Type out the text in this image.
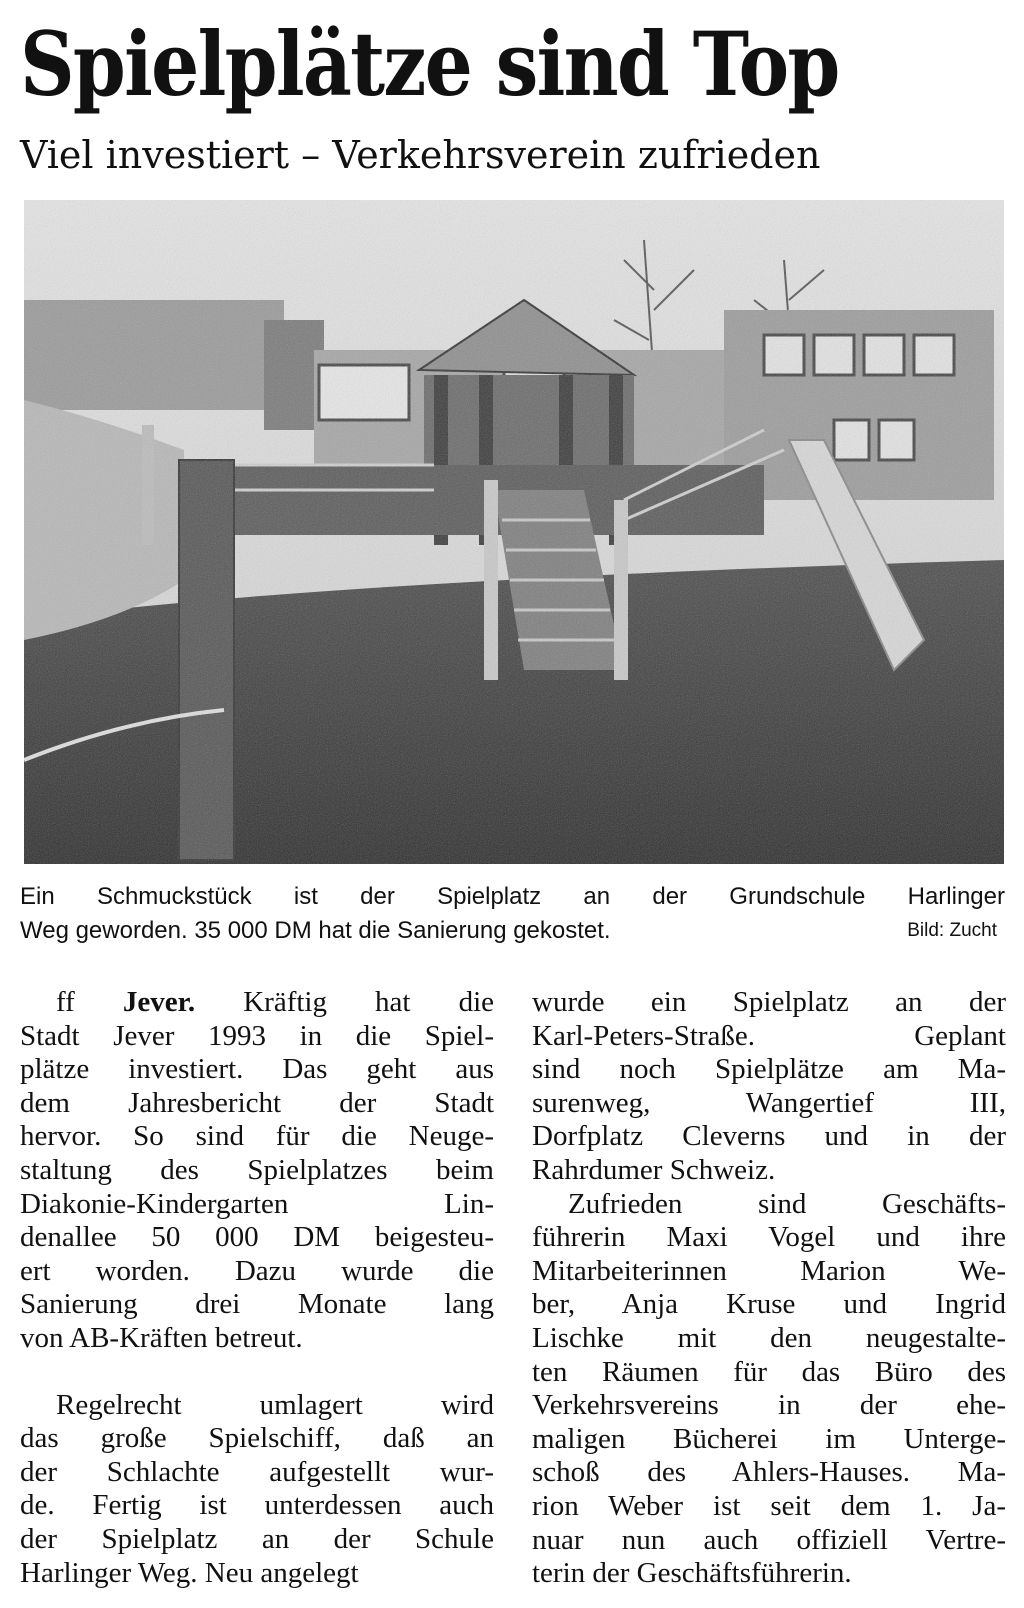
Spielplätze sind Top
Viel investiert – Verkehrsverein zufrieden
Ein Schmuckstück ist der Spielplatz an der Grundschule Harlinger
Weg geworden. 35 000 DM hat die Sanierung gekostet.	Bild: Zucht
ff Jever. Kräftig hat die
Stadt Jever 1993 in die Spiel-
plätze investiert. Das geht aus
dem Jahresbericht der Stadt
hervor. So sind für die Neuge-
staltung des Spielplatzes beim
Diakonie-Kindergarten Lin-
denallee 50 000 DM beigesteu-
ert worden. Dazu wurde die
Sanierung drei Monate lang
von AB-Kräften betreut.
Regelrecht umlagert wird
das große Spielschiff, daß an
der Schlachte aufgestellt wur-
de. Fertig ist unterdessen auch
der Spielplatz an der Schule
Harlinger Weg. Neu angelegt
wurde ein Spielplatz an der
Karl-Peters-Straße. Geplant
sind noch Spielplätze am Ma-
surenweg, Wangertief III,
Dorfplatz Cleverns und in der
Rahrdumer Schweiz.
Zufrieden sind Geschäfts-
führerin Maxi Vogel und ihre
Mitarbeiterinnen Marion We-
ber, Anja Kruse und Ingrid
Lischke mit den neugestalte-
ten Räumen für das Büro des
Verkehrsvereins in der ehe-
maligen Bücherei im Unterge-
schoß des Ahlers-Hauses. Ma-
rion Weber ist seit dem 1. Ja-
nuar nun auch offiziell Vertre-
terin der Geschäftsführerin.
